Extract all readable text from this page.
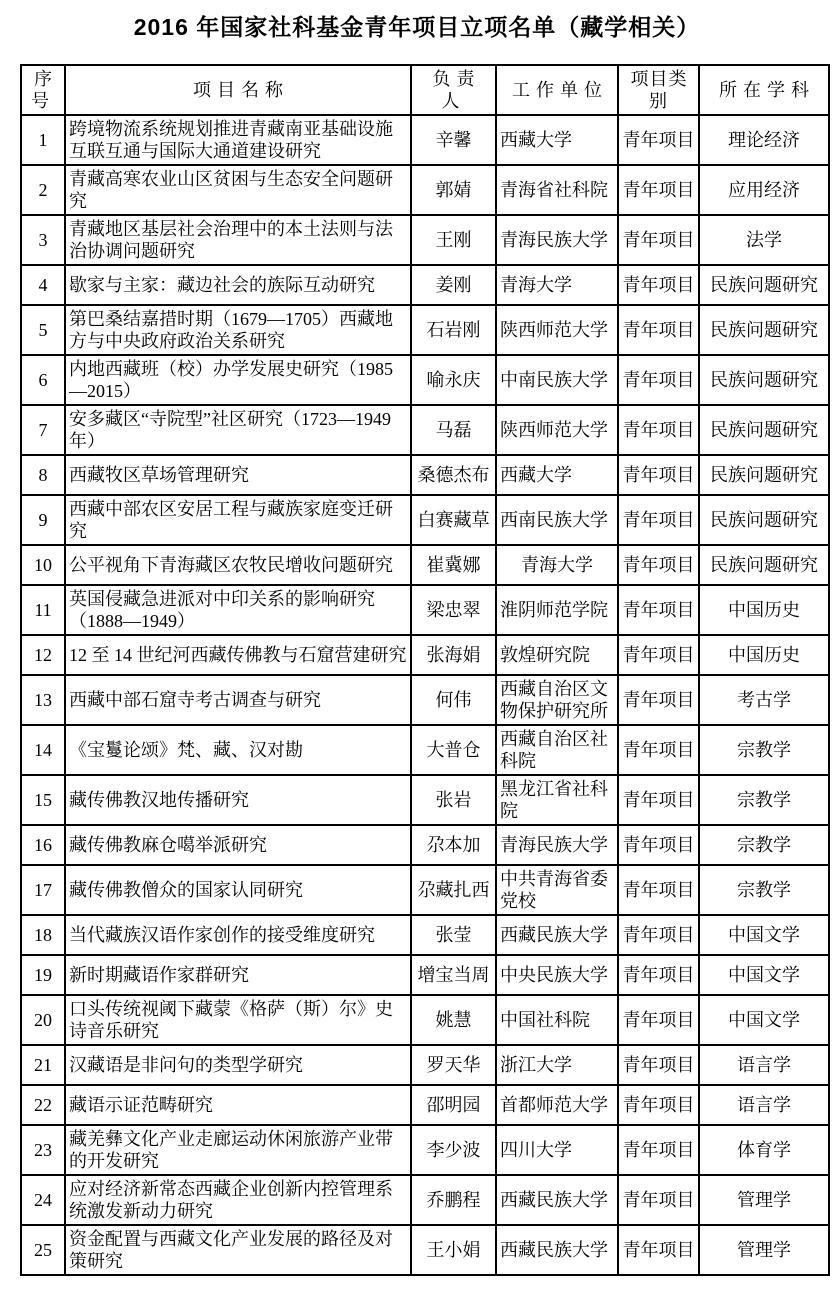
2016 年国家社科基金青年项目立项名单（藏学相关）
序号	项目名称	负责人	工作单位	项目类别	所在学科
1	跨境物流系统规划推进青藏南亚基础设施互联互通与国际大通道建设研究	辛馨	西藏大学	青年项目	理论经济
2	青藏高寒农业山区贫困与生态安全问题研究	郭婧	青海省社科院	青年项目	应用经济
3	青藏地区基层社会治理中的本土法则与法治协调问题研究	王刚	青海民族大学	青年项目	法学
4	歇家与主家：藏边社会的族际互动研究	姜刚	青海大学	青年项目	民族问题研究
5	第巴桑结嘉措时期（1679—1705）西藏地方与中央政府政治关系研究	石岩刚	陕西师范大学	青年项目	民族问题研究
6	内地西藏班（校）办学发展史研究（1985—2015）	喻永庆	中南民族大学	青年项目	民族问题研究
7	安多藏区“寺院型”社区研究（1723—1949 年）	马磊	陕西师范大学	青年项目	民族问题研究
8	西藏牧区草场管理研究	桑德杰布	西藏大学	青年项目	民族问题研究
9	西藏中部农区安居工程与藏族家庭变迁研究	白赛藏草	西南民族大学	青年项目	民族问题研究
10	公平视角下青海藏区农牧民增收问题研究	崔冀娜	青海大学	青年项目	民族问题研究
11	英国侵藏急进派对中印关系的影响研究（1888—1949）	梁忠翠	淮阴师范学院	青年项目	中国历史
12	12 至 14 世纪河西藏传佛教与石窟营建研究	张海娟	敦煌研究院	青年项目	中国历史
13	西藏中部石窟寺考古调查与研究	何伟	西藏自治区文物保护研究所	青年项目	考古学
14	《宝鬘论颂》梵、藏、汉对勘	大普仓	西藏自治区社科院	青年项目	宗教学
15	藏传佛教汉地传播研究	张岩	黑龙江省社科院	青年项目	宗教学
16	藏传佛教麻仓噶举派研究	尕本加	青海民族大学	青年项目	宗教学
17	藏传佛教僧众的国家认同研究	尕藏扎西	中共青海省委党校	青年项目	宗教学
18	当代藏族汉语作家创作的接受维度研究	张莹	西藏民族大学	青年项目	中国文学
19	新时期藏语作家群研究	增宝当周	中央民族大学	青年项目	中国文学
20	口头传统视阈下藏蒙《格萨（斯）尔》史诗音乐研究	姚慧	中国社科院	青年项目	中国文学
21	汉藏语是非问句的类型学研究	罗天华	浙江大学	青年项目	语言学
22	藏语示证范畴研究	邵明园	首都师范大学	青年项目	语言学
23	藏羌彝文化产业走廊运动休闲旅游产业带的开发研究	李少波	四川大学	青年项目	体育学
24	应对经济新常态西藏企业创新内控管理系统激发新动力研究	乔鹏程	西藏民族大学	青年项目	管理学
25	资金配置与西藏文化产业发展的路径及对策研究	王小娟	西藏民族大学	青年项目	管理学
